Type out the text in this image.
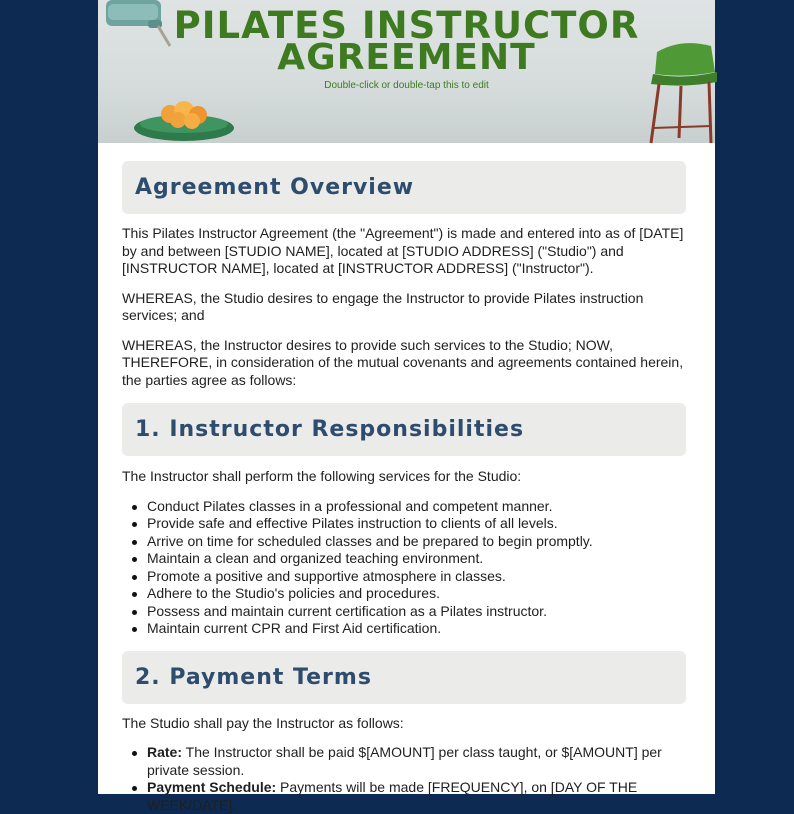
PILATES INSTRUCTOR
AGREEMENT
Double-click or double-tap this to edit
Agreement Overview

This Pilates Instructor Agreement (the "Agreement") is made and entered into as of [DATE] by and between [STUDIO NAME], located at [STUDIO ADDRESS] ("Studio") and [INSTRUCTOR NAME], located at [INSTRUCTOR ADDRESS] ("Instructor").

WHEREAS, the Studio desires to engage the Instructor to provide Pilates instruction services; and

WHEREAS, the Instructor desires to provide such services to the Studio; NOW, THEREFORE, in consideration of the mutual covenants and agreements contained herein, the parties agree as follows:

1. Instructor Responsibilities

The Instructor shall perform the following services for the Studio:

Conduct Pilates classes in a professional and competent manner.
Provide safe and effective Pilates instruction to clients of all levels.
Arrive on time for scheduled classes and be prepared to begin promptly.
Maintain a clean and organized teaching environment.
Promote a positive and supportive atmosphere in classes.
Adhere to the Studio's policies and procedures.
Possess and maintain current certification as a Pilates instructor.
Maintain current CPR and First Aid certification.
2. Payment Terms

The Studio shall pay the Instructor as follows:

Rate: The Instructor shall be paid $[AMOUNT] per class taught, or $[AMOUNT] per private session.
Payment Schedule: Payments will be made [FREQUENCY], on [DAY OF THE WEEK/DATE].
